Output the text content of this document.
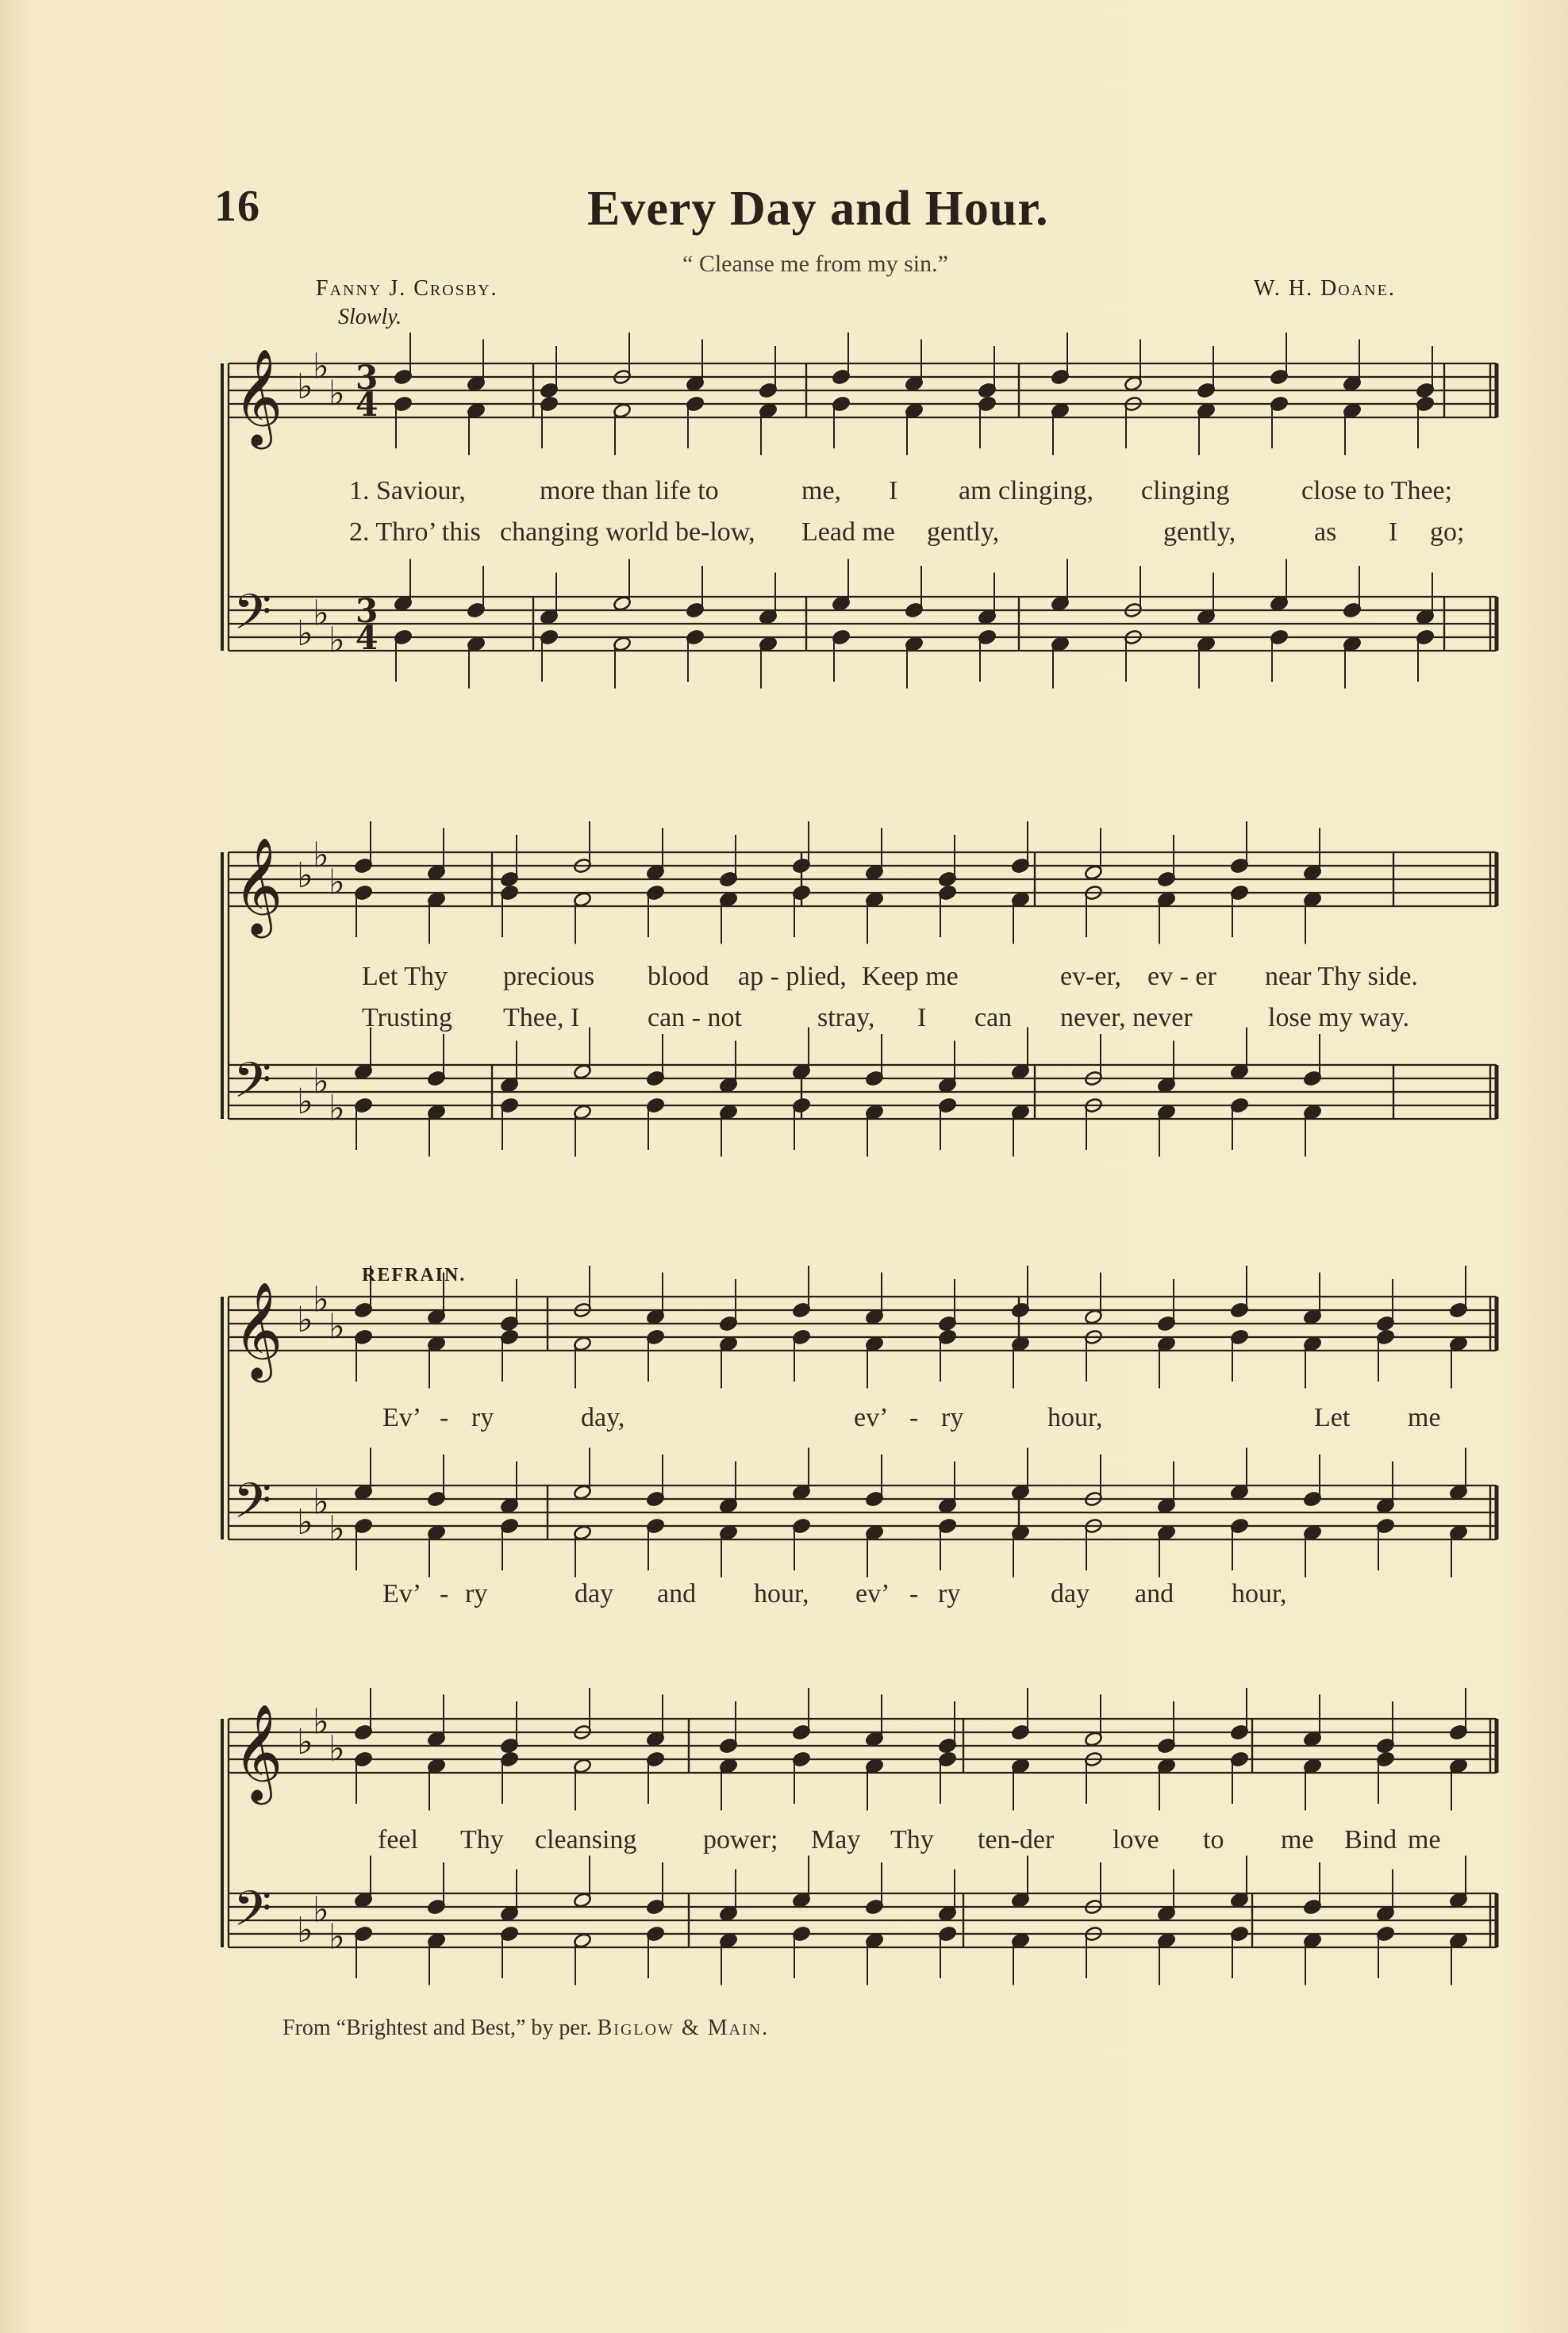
16	Every Day and Hour.
“ Cleanse me from my sin.”
Fanny J. Crosby.	W. H. Doane.
Slowly.
1. Saviour,	more than life to	me, I am clinging, clinging	close to Thee;
2. Thro’ this changing world be-low, Lead me gently,	gently,	as I go;
Let Thy precious blood ap - plied, Keep me	ev-er, ev - er near Thy side.
Trusting Thee, I	can - not	stray, I can never, never	lose my way.
REFRAIN.
Ev’ - ry	day,	ev’ - ry	hour,	Let me
Ev’ - ry	day and hour, ev’ - ry	day and hour,
feel Thy cleansing power; May Thy ten-der love to me Bind me
From “Brightest and Best,” by per. Biglow & Main.
𝄞
𝄢
♭ ♭
♭
♭ ♭
♭
3
4
3
4
𝄞
𝄢
♭ ♭
♭
♭ ♭
♭
𝄞
𝄢
♭ ♭
♭
♭ ♭
♭
𝄞
𝄢
♭ ♭
♭
♭ ♭
♭
